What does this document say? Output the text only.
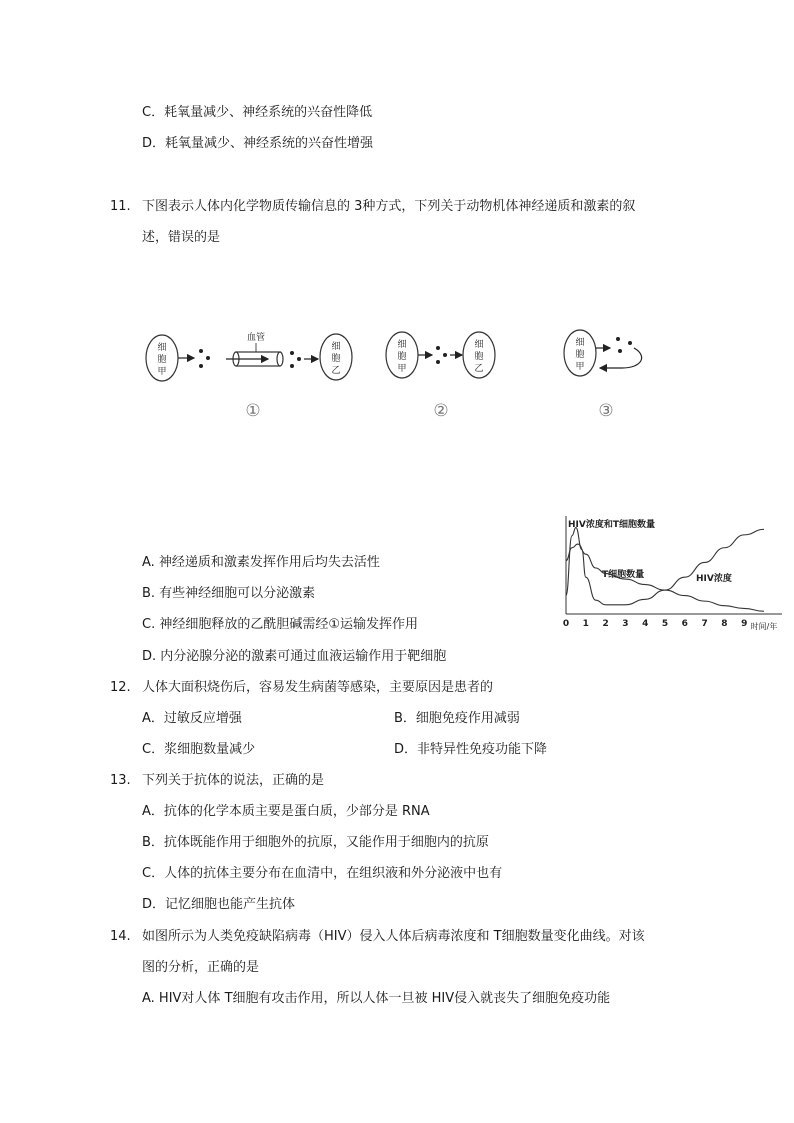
C．耗氧量减少、神经系统的兴奋性降低
D．耗氧量减少、神经系统的兴奋性增强
11. 下图表示人体内化学物质传输信息的 3种方式，下列关于动物机体神经递质和激素的叙
述，错误的是
细
胞
甲
血管
细
胞
乙
①
细
胞
甲
细
胞
乙
②
细
胞
甲
③
A. 神经递质和激素发挥作用后均失去活性
B. 有些神经细胞可以分泌激素
C. 神经细胞释放的乙酰胆碱需经①运输发挥作用
D. 内分泌腺分泌的激素可通过血液运输作用于靶细胞
HIV浓度和T细胞数量
时间/年
0 1 2 3 4 5 6 7 8 9
T细胞数量	HIV浓度
12. 人体大面积烧伤后，容易发生病菌等感染，主要原因是患者的
A．过敏反应增强	B．细胞免疫作用减弱
C．浆细胞数量减少	D．非特异性免疫功能下降
13. 下列关于抗体的说法，正确的是
A．抗体的化学本质主要是蛋白质，少部分是 RNA
B．抗体既能作用于细胞外的抗原，又能作用于细胞内的抗原
C．人体的抗体主要分布在血清中，在组织液和外分泌液中也有
D．记忆细胞也能产生抗体
14. 如图所示为人类免疫缺陷病毒（HIV）侵入人体后病毒浓度和 T细胞数量变化曲线。对该
图的分析，正确的是
A. HIV对人体 T细胞有攻击作用，所以人体一旦被 HIV侵入就丧失了细胞免疫功能
